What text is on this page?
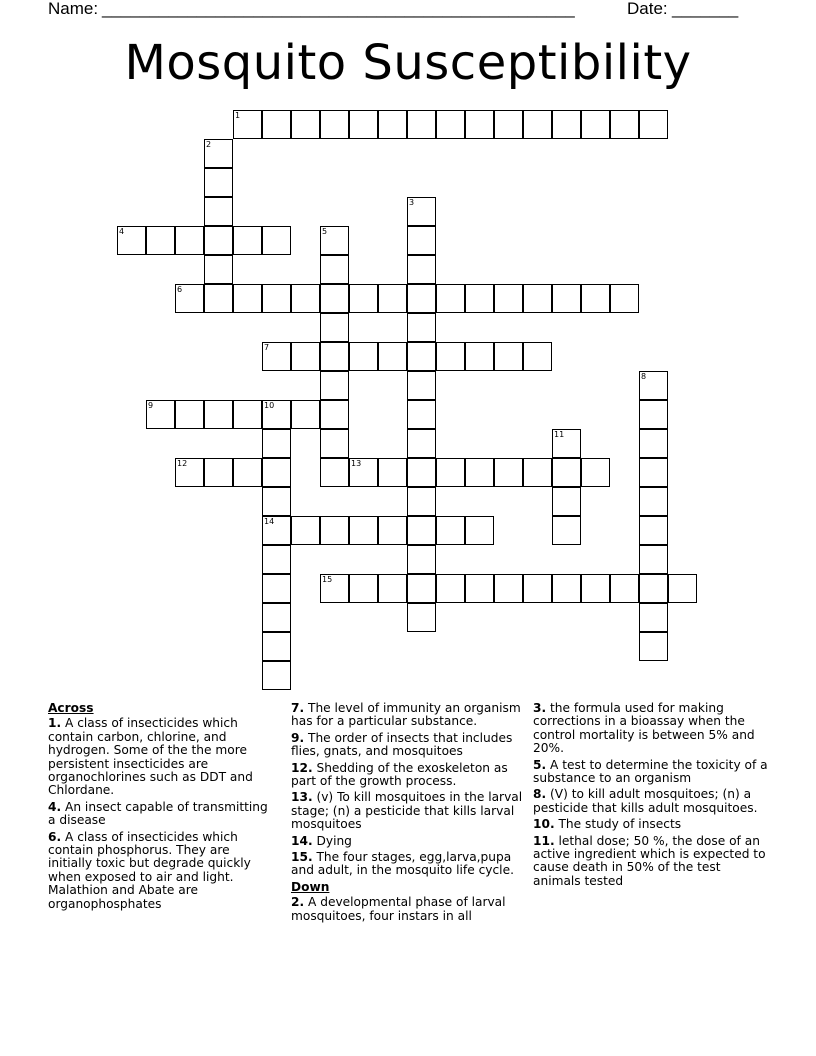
Name: __________________________________________________	Date: _______
Mosquito Susceptibility
1
2
3
4	5
6
7
8
9	10
14
11
12	13
15
Across
1. A class of insecticides which contain carbon, chlorine, and hydrogen. Some of the the more persistent insecticides are organochlorines such as DDT and Chlordane.
4. An insect capable of transmitting a disease
6. A class of insecticides which contain phosphorus. They are initially toxic but degrade quickly when exposed to air and light. Malathion and Abate are organophosphates
7. The level of immunity an organism has for a particular substance.
9. The order of insects that includes flies, gnats, and mosquitoes
12. Shedding of the exoskeleton as part of the growth process.
13. (v) To kill mosquitoes in the larval stage; (n) a pesticide that kills larval mosquitoes
14. Dying
15. The four stages, egg,larva,pupa and adult, in the mosquito life cycle.
Down
2. A developmental phase of larval mosquitoes, four instars in all
3. the formula used for making corrections in a bioassay when the control mortality is between 5% and 20%.
5. A test to determine the toxicity of a substance to an organism
8. (V) to kill adult mosquitoes; (n) a pesticide that kills adult mosquitoes.
10. The study of insects
11. lethal dose; 50 %, the dose of an active ingredient which is expected to cause death in 50% of the test animals tested
